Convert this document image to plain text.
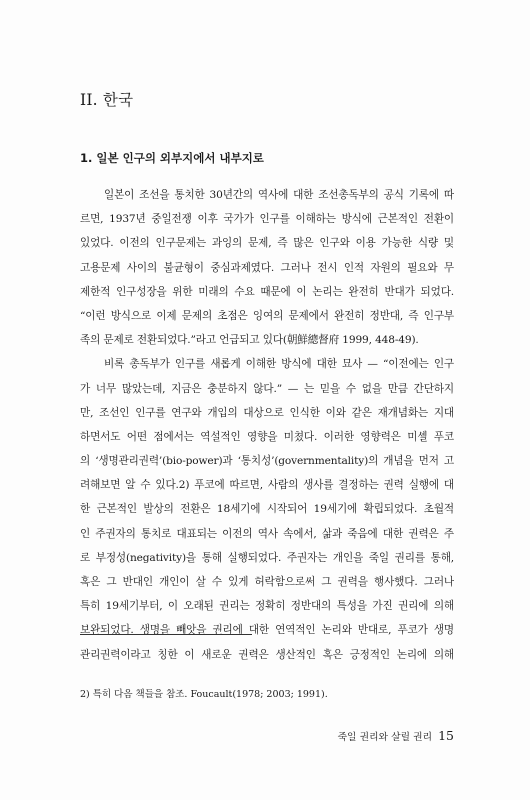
II. 한국
1. 일본 인구의 외부지에서 내부지로
일본이 조선을 통치한 30년간의 역사에 대한 조선총독부의 공식 기록에 따
르면, 1937년 중일전쟁 이후 국가가 인구를 이해하는 방식에 근본적인 전환이
있었다. 이전의 인구문제는 과잉의 문제, 즉 많은 인구와 이용 가능한 식량 및
고용문제 사이의 불균형이 중심과제였다. 그러나 전시 인적 자원의 필요와 무
제한적 인구성장을 위한 미래의 수요 때문에 이 논리는 완전히 반대가 되었다.
“이런 방식으로 이제 문제의 초점은 잉여의 문제에서 완전히 정반대, 즉 인구부
족의 문제로 전환되었다.”라고 언급되고 있다(朝鮮總督府 1999, 448-49).
비록 총독부가 인구를 새롭게 이해한 방식에 대한 묘사 — “이전에는 인구
가 너무 많았는데, 지금은 충분하지 않다.” — 는 믿을 수 없을 만큼 간단하지
만, 조선인 인구를 연구와 개입의 대상으로 인식한 이와 같은 재개념화는 지대
하면서도 어떤 점에서는 역설적인 영향을 미쳤다. 이러한 영향력은 미셸 푸코
의 ‘생명관리권력’(bio-power)과 ‘통치성’(governmentality)의 개념을 먼저 고
려해보면 알 수 있다.2) 푸코에 따르면, 사람의 생사를 결정하는 권력 실행에 대
한 근본적인 발상의 전환은 18세기에 시작되어 19세기에 확립되었다. 초월적
인 주권자의 통치로 대표되는 이전의 역사 속에서, 삶과 죽음에 대한 권력은 주
로 부정성(negativity)을 통해 실행되었다. 주권자는 개인을 죽일 권리를 통해,
혹은 그 반대인 개인이 살 수 있게 허락함으로써 그 권력을 행사했다. 그러나
특히 19세기부터, 이 오래된 권리는 정확히 정반대의 특성을 가진 권리에 의해
보완되었다. 생명을 빼앗을 권리에 대한 연역적인 논리와 반대로, 푸코가 생명
관리권력이라고 칭한 이 새로운 권력은 생산적인 혹은 긍정적인 논리에 의해
2) 특히 다음 책들을 참조. Foucault(1978; 2003; 1991).
죽일 권리와 살릴 권리 15
